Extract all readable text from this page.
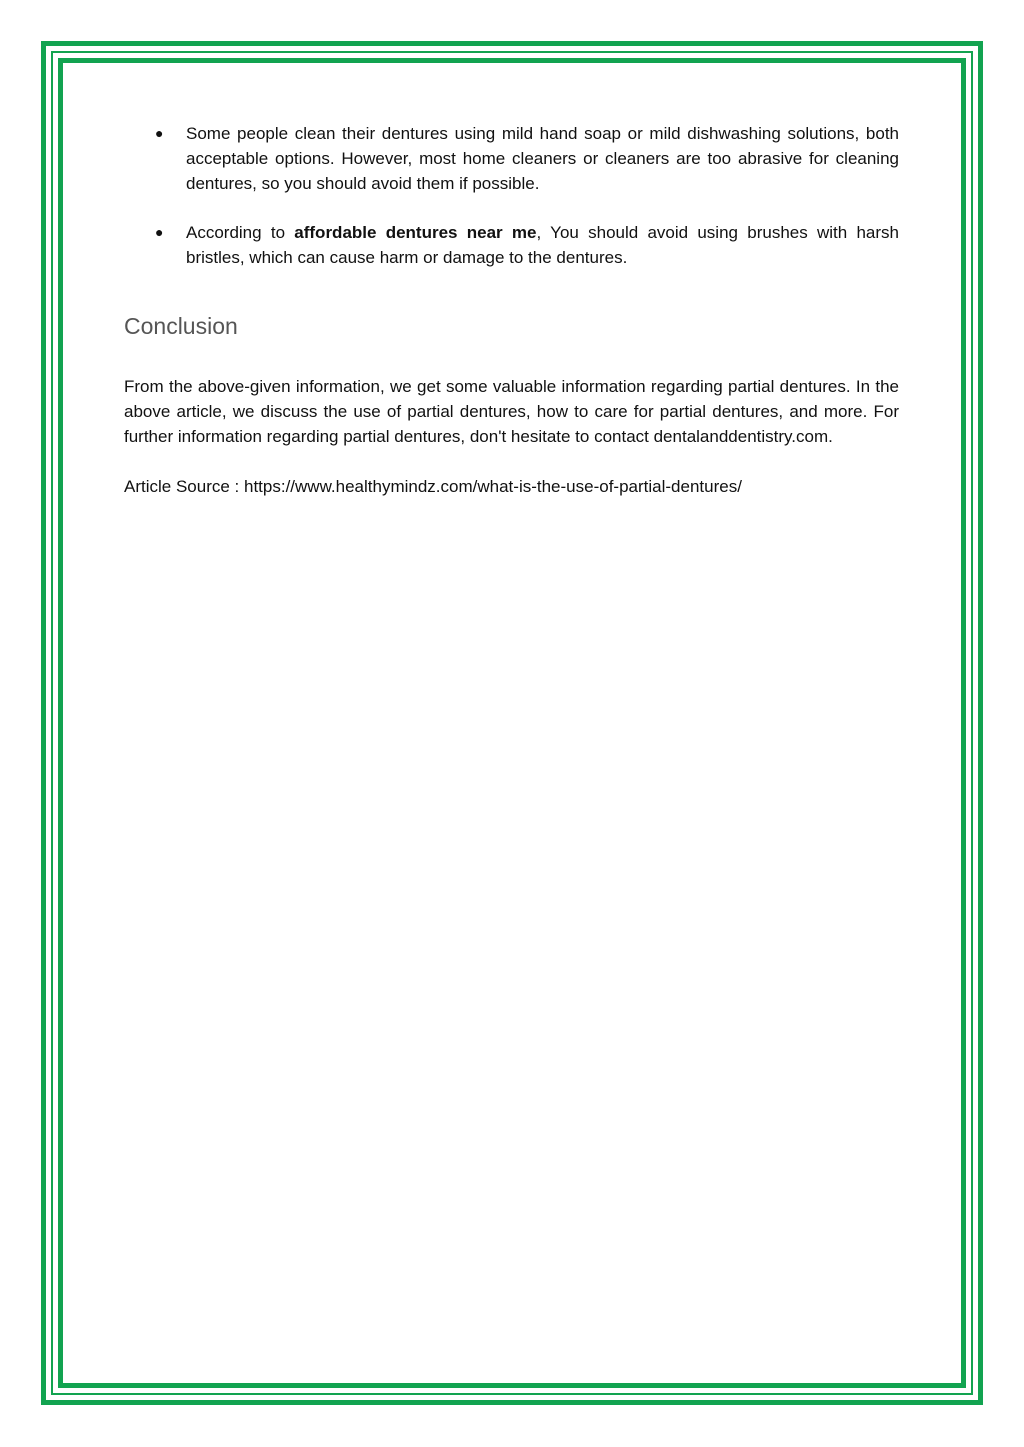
● Some people clean their dentures using mild hand soap or mild dishwashing solutions, both acceptable options. However, most home cleaners or cleaners are too abrasive for cleaning dentures, so you should avoid them if possible.
● According to affordable dentures near me, You should avoid using brushes with harsh bristles, which can cause harm or damage to the dentures.
Conclusion

From the above-given information, we get some valuable information regarding partial dentures. In the above article, we discuss the use of partial dentures, how to care for partial dentures, and more. For further information regarding partial dentures, don't hesitate to contact dentalanddentistry.com.

Article Source : https://www.healthymindz.com/what-is-the-use-of-partial-dentures/
